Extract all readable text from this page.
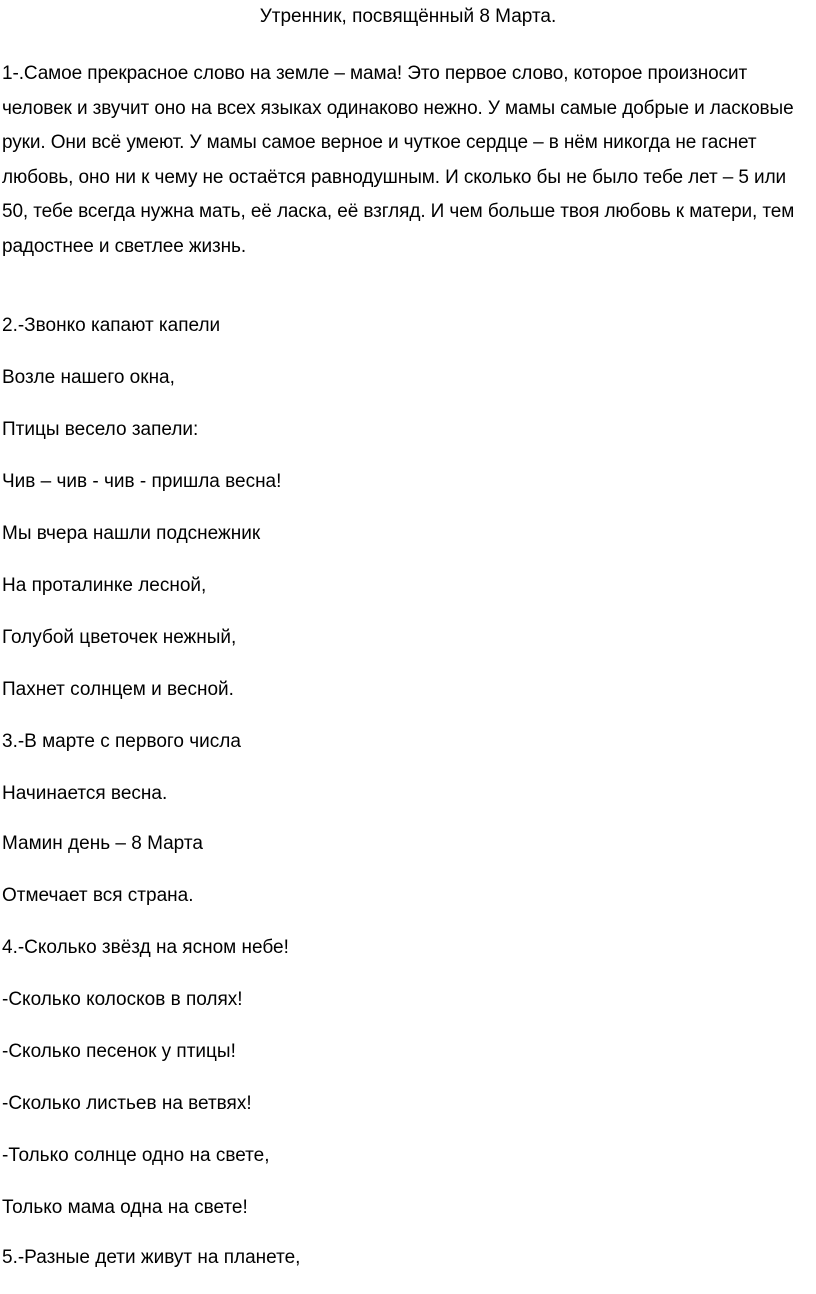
Утренник, посвящённый 8 Марта.

1-.Самое прекрасное слово на земле – мама! Это первое слово, которое произносит человек и звучит оно на всех языках одинаково нежно. У мамы самые добрые и ласковые руки. Они всё умеют. У мамы самое верное и чуткое сердце – в нём никогда не гаснет любовь, оно ни к чему не остаётся равнодушным. И сколько бы не было тебе лет – 5 или 50, тебе всегда нужна мать, её ласка, её взгляд. И чем больше твоя любовь к матери, тем радостнее и светлее жизнь.

2.-Звонко капают капели
Возле нашего окна,
Птицы весело запели:
Чив – чив - чив - пришла весна!
Мы вчера нашли подснежник
На проталинке лесной,
Голубой цветочек нежный,
Пахнет солнцем и весной.
3.-В марте с первого числа
Начинается весна.
Мамин день – 8 Марта
Отмечает вся страна.
4.-Сколько звёзд на ясном небе!
-Сколько колосков в полях!
-Сколько песенок у птицы!
-Сколько листьев на ветвях!
-Только солнце одно на свете,
Только мама одна на свете!
5.-Разные дети живут на планете,
